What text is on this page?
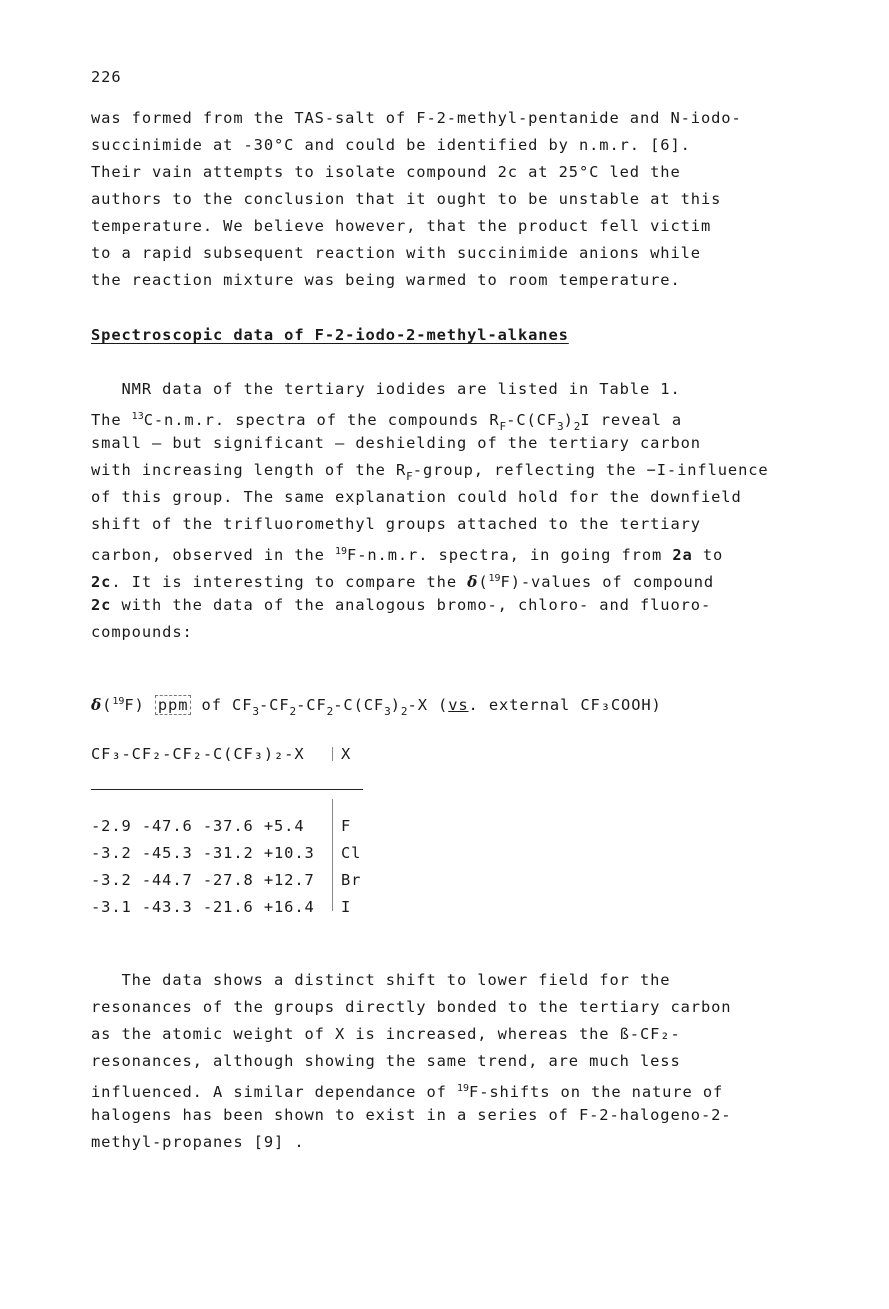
226
was formed from the TAS-salt of F-2-methyl-pentanide and N-iodo-
succinimide at -30°C and could be identified by n.m.r. [6].
Their vain attempts to isolate compound 2c at 25°C led the
authors to the conclusion that it ought to be unstable at this
temperature. We believe however, that the product fell victim
to a rapid subsequent reaction with succinimide anions while
the reaction mixture was being warmed to room temperature.
Spectroscopic data of F-2-iodo-2-methyl-alkanes
NMR data of the tertiary iodides are listed in Table 1.
The $^{13}$C-n.m.r. spectra of the compounds $R_F-C(CF_3)_2I$ reveal a
small — but significant — deshielding of the tertiary carbon
with increasing length of the $R_F$-group, reflecting the −I-influence
of this group. The same explanation could hold for the downfield
shift of the trifluoromethyl groups attached to the tertiary
carbon, observed in the $^{19}$F-n.m.r. spectra, in going from 2a to
2c. It is interesting to compare the δ($^{19}$F)-values of compound
2c with the data of the analogous bromo-, chloro- and fluoro-
compounds:
δ($^{19}$F) ppm of $CF_3-CF_2-CF_2-C(CF_3)_2-X$ (vs. external CF₃COOH)
CF₃-CF₂-CF₂-C(CF₃)₂-X X
-2.9 -47.6 -37.6 +5.4 F
-3.2 -45.3 -31.2 +10.3 Cl
-3.2 -44.7 -27.8 +12.7 Br
-3.1 -43.3 -21.6 +16.4 I
The data shows a distinct shift to lower field for the
resonances of the groups directly bonded to the tertiary carbon
as the atomic weight of X is increased, whereas the ß-CF₂-
resonances, although showing the same trend, are much less
influenced. A similar dependance of $^{19}$F-shifts on the nature of
halogens has been shown to exist in a series of F-2-halogeno-2-
methyl-propanes [9] .
